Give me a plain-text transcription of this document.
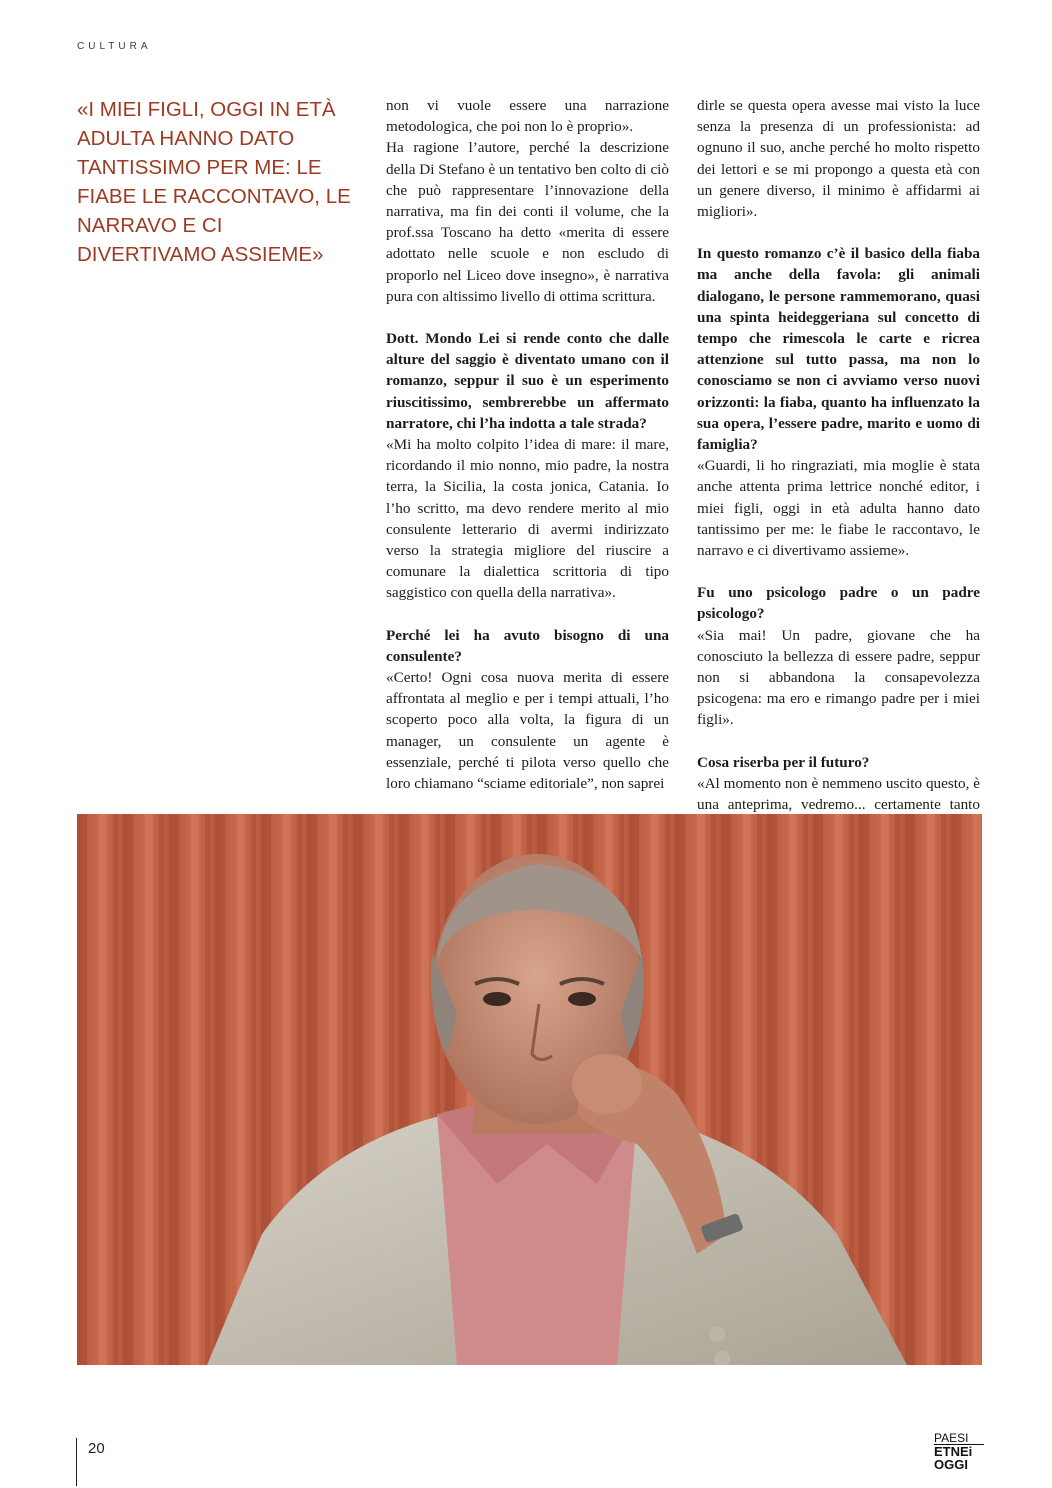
CULTURA
«I MIEI FIGLI, OGGI IN ETÀ ADULTA HANNO DATO TANTISSIMO PER ME: LE FIABE LE RACCONTAVO, LE NARRAVO E CI DIVERTIVAMO ASSIEME»

non vi vuole essere una narrazione metodologica, che poi non lo è proprio».

Ha ragione l’autore, perché la descrizione della Di Stefano è un tentativo ben colto di ciò che può rappresentare l’innovazione della narrativa, ma fin dei conti il volume, che la prof.ssa Toscano ha detto «merita di essere adottato nelle scuole e non escludo di proporlo nel Liceo dove insegno», è narrativa pura con altissimo livello di ottima scrittura.

Dott. Mondo Lei si rende conto che dalle alture del saggio è diventato umano con il romanzo, seppur il suo è un esperimento riuscitissimo, sembrerebbe un affermato narratore, chi l’ha indotta a tale strada?

«Mi ha molto colpito l’idea di mare: il mare, ricordando il mio nonno, mio padre, la nostra terra, la Sicilia, la costa jonica, Catania. Io l’ho scritto, ma devo rendere merito al mio consulente letterario di avermi indirizzato verso la strategia migliore del riuscire a comunare la dialettica scrittoria di tipo saggistico con quella della narrativa».

Perché lei ha avuto bisogno di una consulente?

«Certo! Ogni cosa nuova merita di essere affrontata al meglio e per i tempi attuali, l’ho scoperto poco alla volta, la figura di un manager, un consulente un agente è essenziale, perché ti pilota verso quello che loro chiamano “sciame editoriale”, non saprei

dirle se questa opera avesse mai visto la luce senza la presenza di un professionista: ad ognuno il suo, anche perché ho molto rispetto dei lettori e se mi propongo a questa età con un genere diverso, il minimo è affidarmi ai migliori».

In questo romanzo c’è il basico della fiaba ma anche della favola: gli animali dialogano, le persone rammemorano, quasi una spinta heideggeriana sul concetto di tempo che rimescola le carte e ricrea attenzione sul tutto passa, ma non lo conosciamo se non ci avviamo verso nuovi orizzonti: la fiaba, quanto ha influenzato la sua opera, l’essere padre, marito e uomo di famiglia?

«Guardi, li ho ringraziati, mia moglie è stata anche attenta prima lettrice nonché editor, i miei figli, oggi in età adulta hanno dato tantissimo per me: le fiabe le raccontavo, le narravo e ci divertivamo assieme».

Fu uno psicologo padre o un padre psicologo?

«Sia mai! Un padre, giovane che ha conosciuto la bellezza di essere padre, seppur non si abbandona la consapevolezza psicogena: ma ero e rimango padre per i miei figli».

Cosa riserba per il futuro?

«Al momento non è nemmeno uscito questo, è una anteprima, vedremo... certamente tanto

20
PAESI
ETNEi
OGGI
